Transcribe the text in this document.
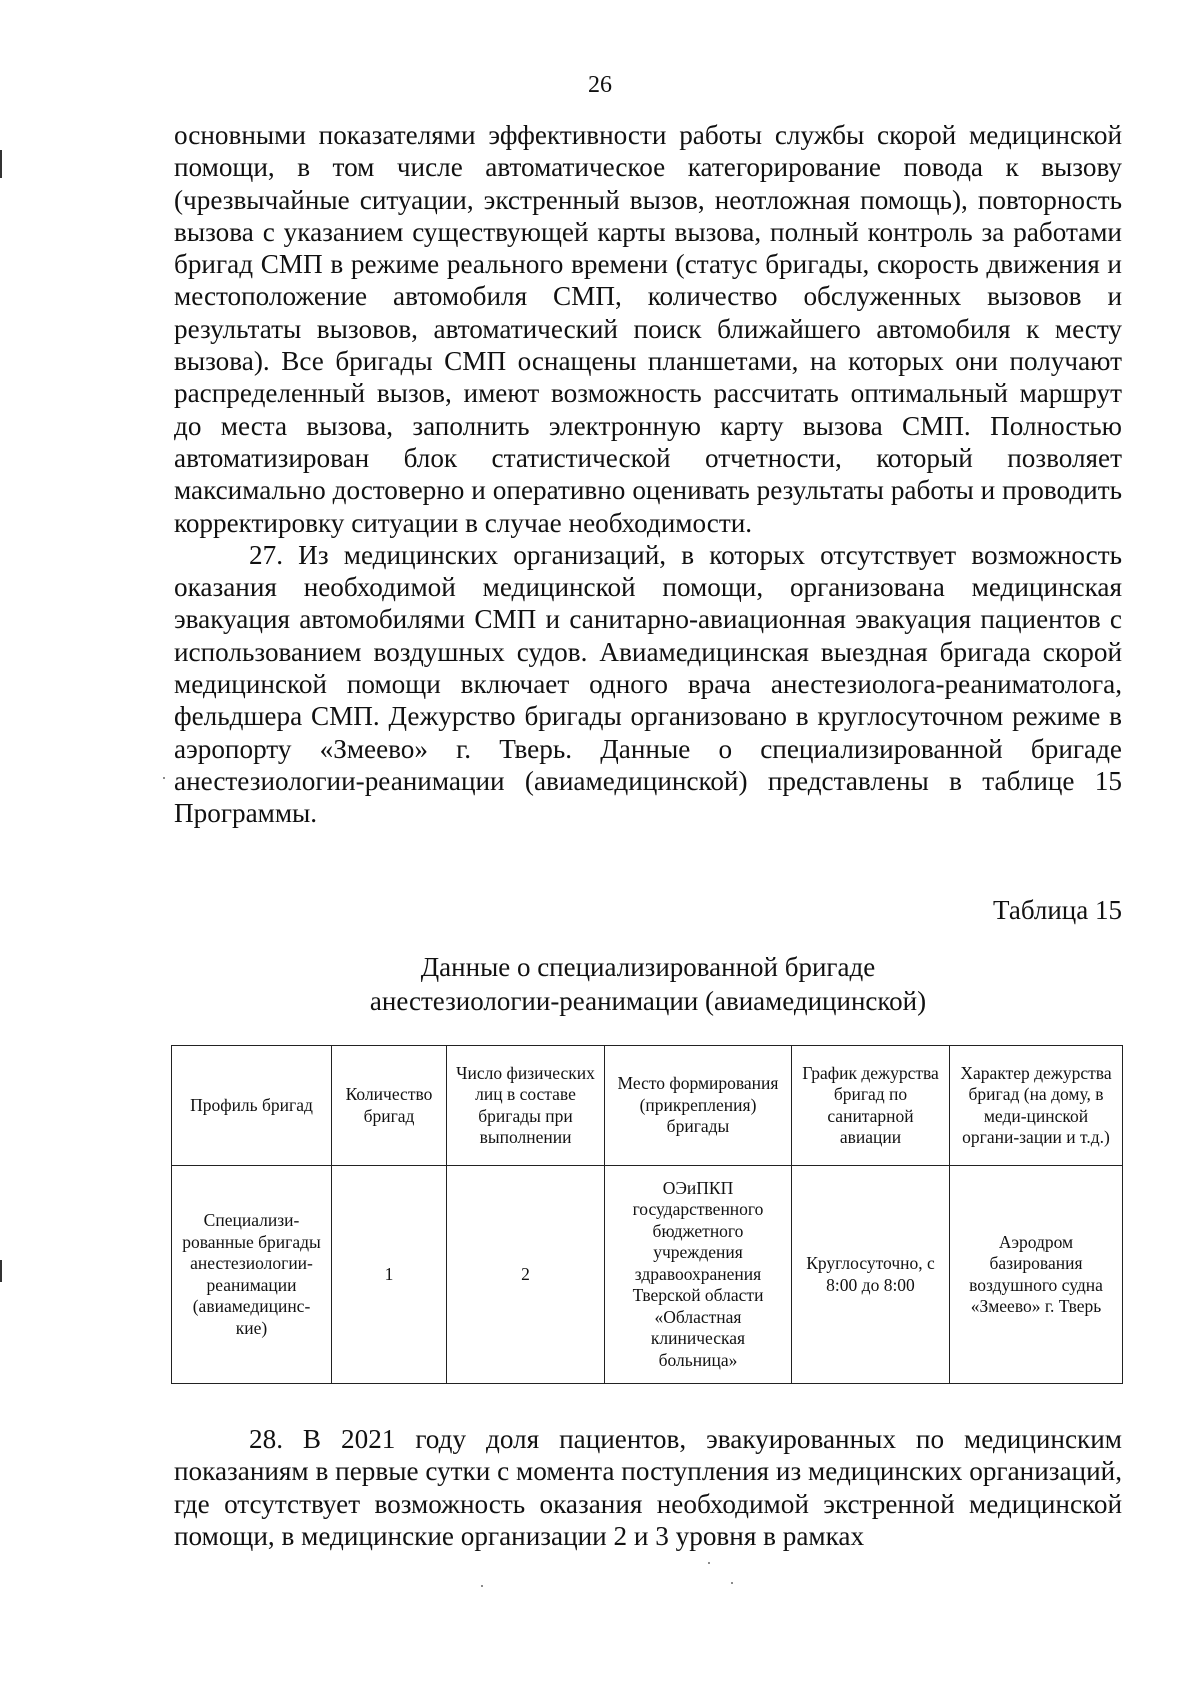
26

основными показателями эффективности работы службы скорой медицинской помощи, в том числе автоматическое категорирование повода к вызову (чрезвычайные ситуации, экстренный вызов, неотложная помощь), повторность вызова с указанием существующей карты вызова, полный контроль за работами бригад СМП в режиме реального времени (статус бригады, скорость движения и местоположение автомобиля СМП, количество обслуженных вызовов и результаты вызовов, автоматический поиск ближайшего автомобиля к месту вызова). Все бригады СМП оснащены планшетами, на которых они получают распределенный вызов, имеют возможность рассчитать оптимальный маршрут до места вызова, заполнить электронную карту вызова СМП. Полностью автоматизирован блок статистической отчетности, который позволяет максимально достоверно и оперативно оценивать результаты работы и проводить корректировку ситуации в случае необходимости.

27. Из медицинских организаций, в которых отсутствует возможность оказания необходимой медицинской помощи, организована медицинская эвакуация автомобилями СМП и санитарно-авиационная эвакуация пациентов с использованием воздушных судов. Авиамедицинская выездная бригада скорой медицинской помощи включает одного врача анестезиолога-реаниматолога, фельдшера СМП. Дежурство бригады организовано в круглосуточном режиме в аэропорту «Змеево» г. Тверь. Данные о специализированной бригаде анестезиологии-реанимации (авиамедицинской) представлены в таблице 15 Программы.

Таблица 15
Данные о специализированной бригаде
анестезиологии-реанимации (авиамедицинской)
Профиль бригад	Количество бригад	Число физических лиц в составе бригады при выполнении	Место формирования (прикрепления) бригады	График дежурства бригад по санитарной авиации	Характер дежурства бригад (на дому, в меди-цинской органи-зации и т.д.)
Специализи-рованные бригады анестезиологии-реанимации (авиамедицинс-кие)	1	2	ОЭиПКП государственного бюджетного учреждения здравоохранения Тверской области «Областная клиническая больница»	Круглосуточно, с 8:00 до 8:00	Аэродром базирования воздушного судна «Змеево» г. Тверь

28. В 2021 году доля пациентов, эвакуированных по медицинским показаниям в первые сутки с момента поступления из медицинских организаций, где отсутствует возможность оказания необходимой экстренной медицинской помощи, в медицинские организации 2 и 3 уровня в рамках
